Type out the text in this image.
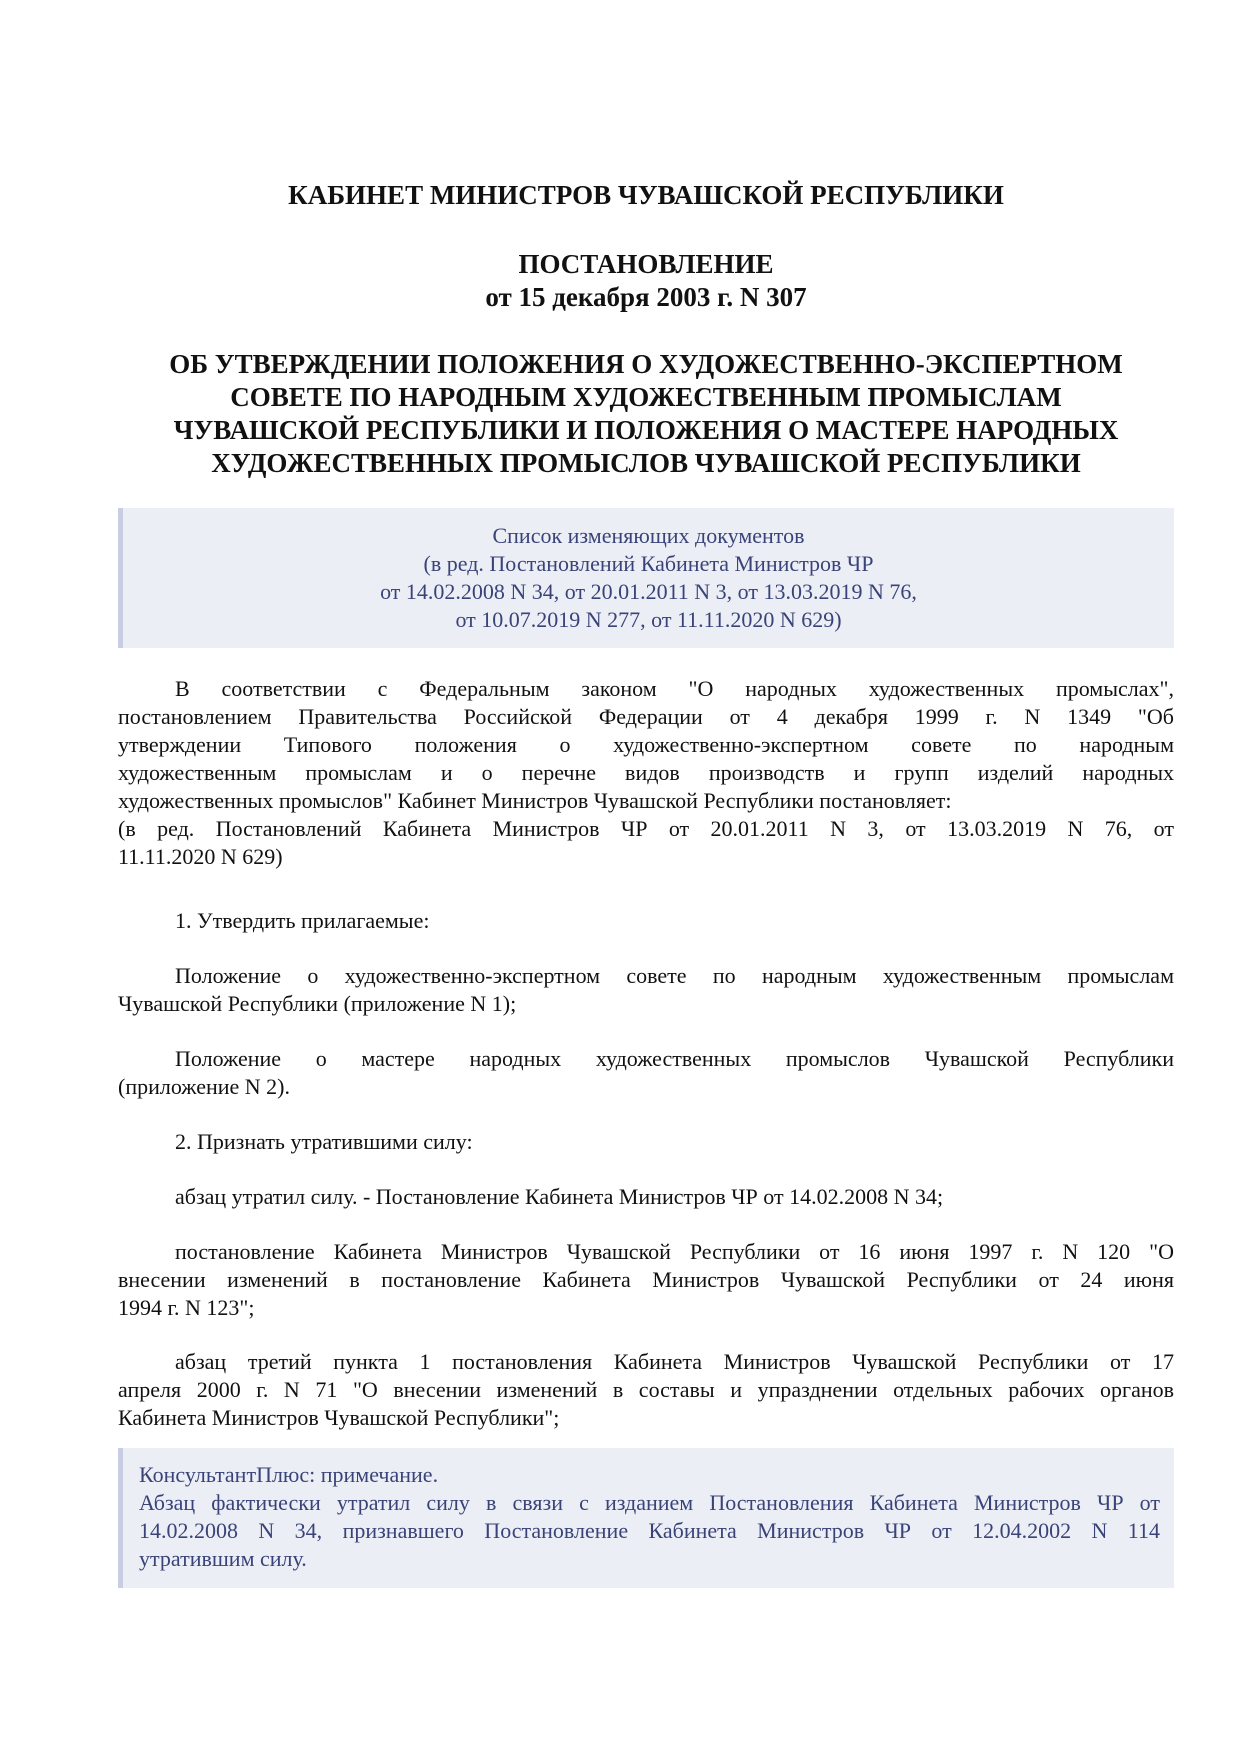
КАБИНЕТ МИНИСТРОВ ЧУВАШСКОЙ РЕСПУБЛИКИ
ПОСТАНОВЛЕНИЕ
от 15 декабря 2003 г. N 307
ОБ УТВЕРЖДЕНИИ ПОЛОЖЕНИЯ О ХУДОЖЕСТВЕННО-ЭКСПЕРТНОМ
СОВЕТЕ ПО НАРОДНЫМ ХУДОЖЕСТВЕННЫМ ПРОМЫСЛАМ
ЧУВАШСКОЙ РЕСПУБЛИКИ И ПОЛОЖЕНИЯ О МАСТЕРЕ НАРОДНЫХ
ХУДОЖЕСТВЕННЫХ ПРОМЫСЛОВ ЧУВАШСКОЙ РЕСПУБЛИКИ
Список изменяющих документов
(в ред. Постановлений Кабинета Министров ЧР
от 14.02.2008 N 34, от 20.01.2011 N 3, от 13.03.2019 N 76,
от 10.07.2019 N 277, от 11.11.2020 N 629)
В соответствии с Федеральным законом "О народных художественных промыслах",
постановлением Правительства Российской Федерации от 4 декабря 1999 г. N 1349 "Об
утверждении Типового положения о художественно-экспертном совете по народным
художественным промыслам и о перечне видов производств и групп изделий народных
художественных промыслов" Кабинет Министров Чувашской Республики постановляет:
(в ред. Постановлений Кабинета Министров ЧР от 20.01.2011 N 3, от 13.03.2019 N 76, от
11.11.2020 N 629)
1. Утвердить прилагаемые:
Положение о художественно-экспертном совете по народным художественным промыслам
Чувашской Республики (приложение N 1);
Положение о мастере народных художественных промыслов Чувашской Республики
(приложение N 2).
2. Признать утратившими силу:
абзац утратил силу. - Постановление Кабинета Министров ЧР от 14.02.2008 N 34;
постановление Кабинета Министров Чувашской Республики от 16 июня 1997 г. N 120 "О
внесении изменений в постановление Кабинета Министров Чувашской Республики от 24 июня
1994 г. N 123";
абзац третий пункта 1 постановления Кабинета Министров Чувашской Республики от 17
апреля 2000 г. N 71 "О внесении изменений в составы и упразднении отдельных рабочих органов
Кабинета Министров Чувашской Республики";
КонсультантПлюс: примечание.
Абзац фактически утратил силу в связи с изданием Постановления Кабинета Министров ЧР от
14.02.2008 N 34, признавшего Постановление Кабинета Министров ЧР от 12.04.2002 N 114
утратившим силу.
